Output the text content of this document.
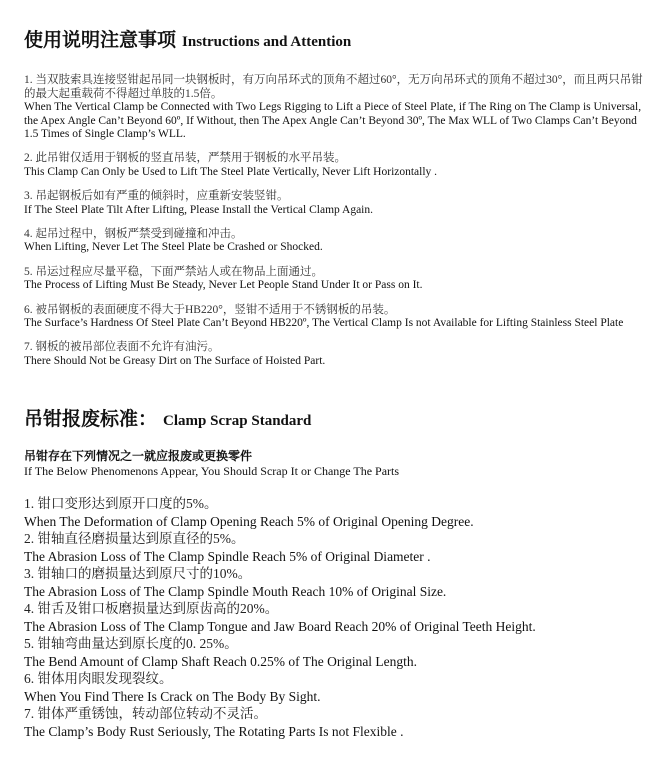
使用说明注意事项 Instructions and Attention
1. 当双肢索具连接竖钳起吊同一块钢板时，有万向吊环式的顶角不超过60°，无万向吊环式的顶角不超过30°，而且两只吊钳的最大起重载荷不得超过单肢的1.5倍。
When The Vertical Clamp be Connected with Two Legs Rigging to Lift a Piece of Steel Plate, if The Ring on The Clamp is Universal, the Apex Angle Can’t Beyond 60º, If Without, then The Apex Angle Can’t Beyond 30º, The Max WLL of Two Clamps Can’t Beyond 1.5 Times of Single Clamp’s WLL.
2. 此吊钳仅适用于钢板的竖直吊装，严禁用于钢板的水平吊装。
This Clamp Can Only be Used to Lift The Steel Plate Vertically, Never Lift Horizontally .
3. 吊起钢板后如有严重的倾斜时，应重新安装竖钳。
If The Steel Plate Tilt After Lifting, Please Install the Vertical Clamp Again.
4. 起吊过程中，钢板严禁受到碰撞和冲击。
When Lifting, Never Let The Steel Plate be Crashed or Shocked.
5. 吊运过程应尽量平稳，下面严禁站人或在物品上面通过。
The Process of Lifting Must Be Steady, Never Let People Stand Under It or Pass on It.
6. 被吊钢板的表面硬度不得大于HB220°，竖钳不适用于不锈钢板的吊装。
The Surface’s Hardness Of Steel Plate Can’t Beyond HB220º, The Vertical Clamp Is not Available for Lifting Stainless Steel Plate
7. 钢板的被吊部位表面不允许有油污。
There Should Not be Greasy Dirt on The Surface of Hoisted Part.
吊钳报废标准： Clamp Scrap Standard
吊钳存在下列情况之一就应报废或更换零件
If The Below Phenomenons Appear, You Should Scrap It or Change The Parts
1. 钳口变形达到原开口度的5%。
When The Deformation of Clamp Opening Reach 5% of Original Opening Degree.
2. 钳轴直径磨损量达到原直径的5%。
The Abrasion Loss of The Clamp Spindle Reach 5% of Original Diameter .
3. 钳轴口的磨损量达到原尺寸的10%。
The Abrasion Loss of The Clamp Spindle Mouth Reach 10% of Original Size.
4. 钳舌及钳口板磨损量达到原齿高的20%。
The Abrasion Loss of The Clamp Tongue and Jaw Board Reach 20% of Original Teeth Height.
5. 钳轴弯曲量达到原长度的0. 25%。
The Bend Amount of Clamp Shaft Reach 0.25% of The Original Length.
6. 钳体用肉眼发现裂纹。
When You Find There Is Crack on The Body By Sight.
7. 钳体严重锈蚀，转动部位转动不灵活。
The Clamp’s Body Rust Seriously, The Rotating Parts Is not Flexible .
